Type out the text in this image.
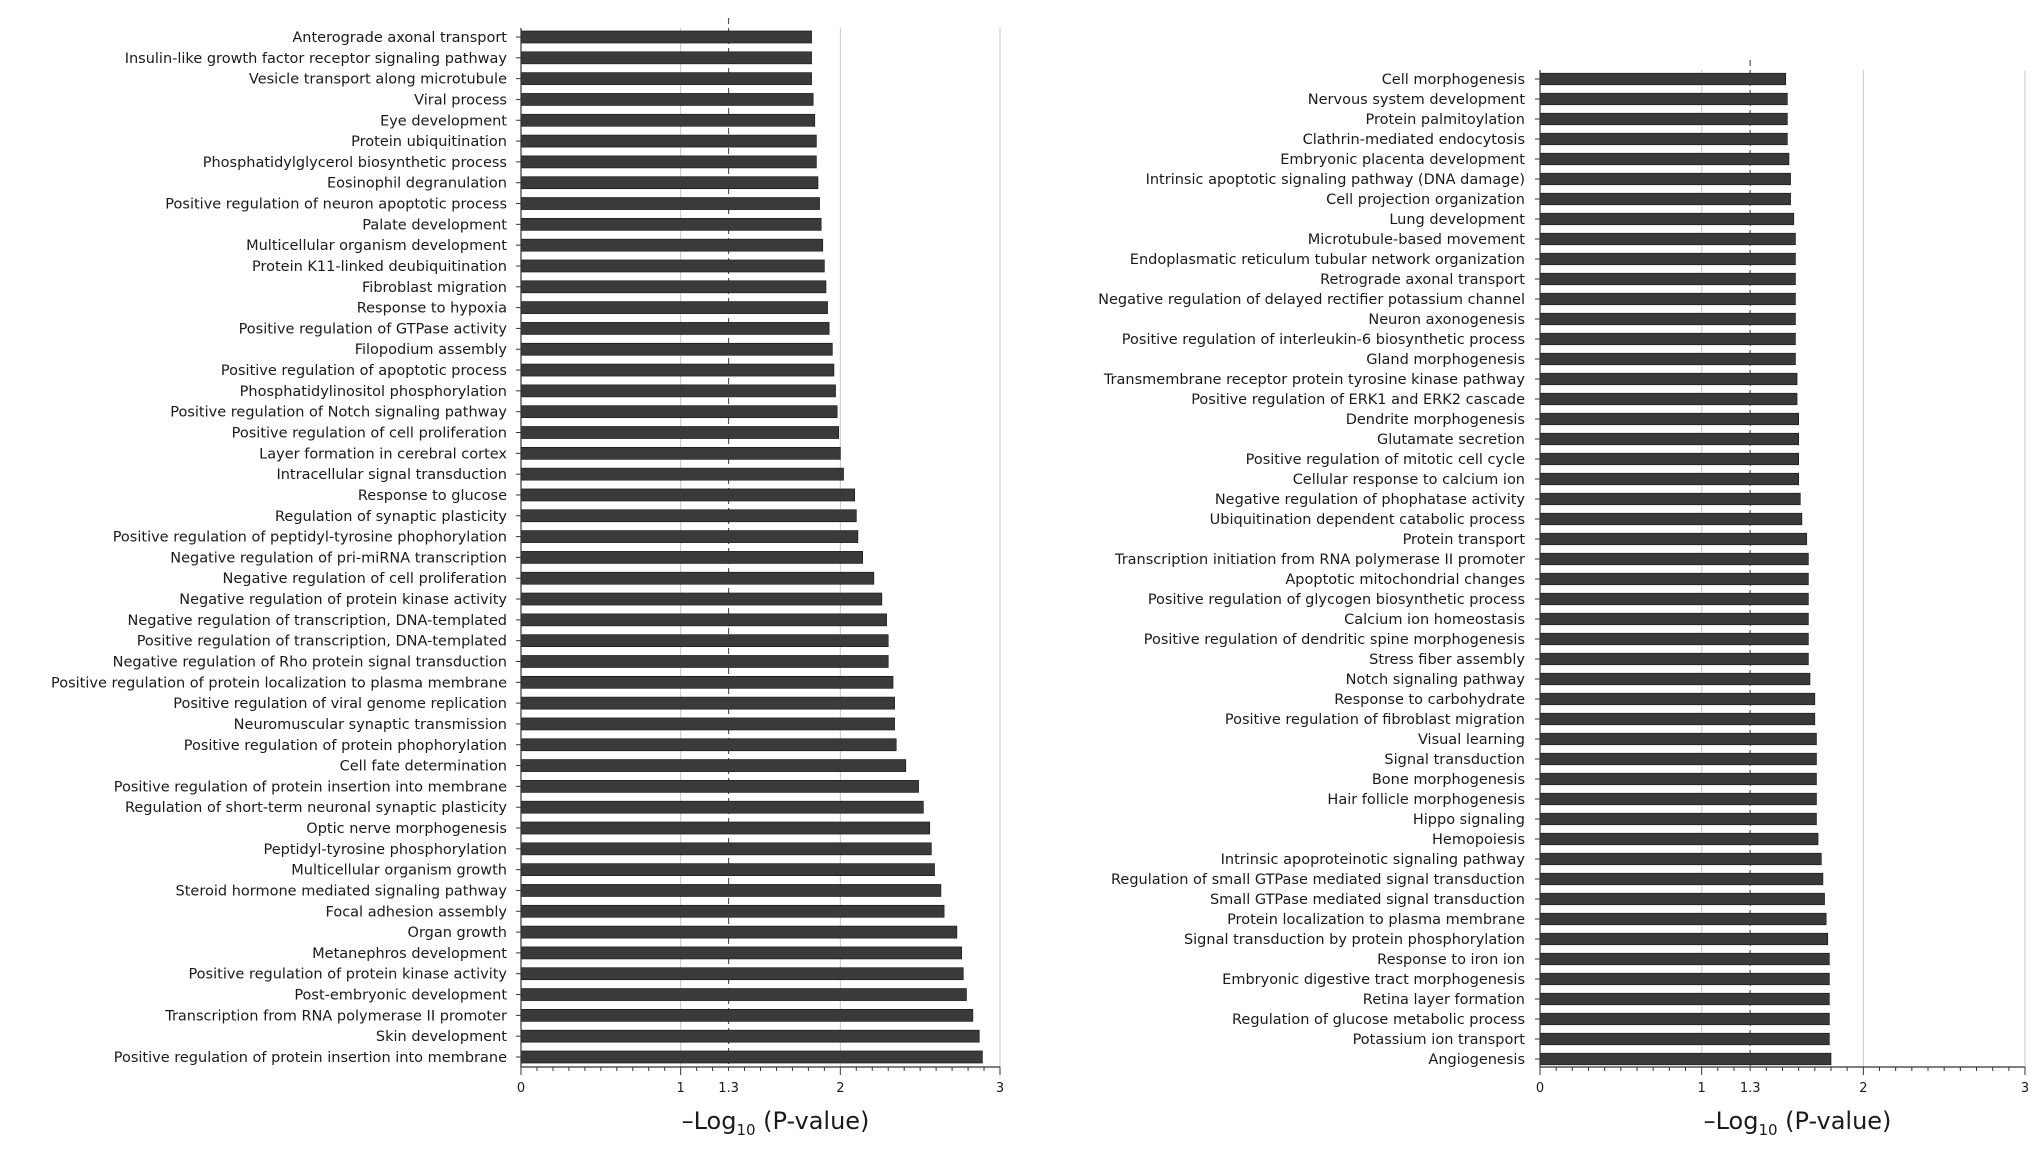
Anterograde axonal transport
Insulin-like growth factor receptor signaling pathway
Vesicle transport along microtubule
Viral process
Eye development
Protein ubiquitination
Phosphatidylglycerol biosynthetic process
Eosinophil degranulation
Positive regulation of neuron apoptotic process
Palate development
Multicellular organism development
Protein K11-linked deubiquitination
Fibroblast migration
Response to hypoxia
Positive regulation of GTPase activity
Filopodium assembly
Positive regulation of apoptotic process
Phosphatidylinositol phosphorylation
Positive regulation of Notch signaling pathway
Positive regulation of cell proliferation
Layer formation in cerebral cortex
Intracellular signal transduction
Response to glucose
Regulation of synaptic plasticity
Positive regulation of peptidyl-tyrosine phophorylation
Negative regulation of pri-miRNA transcription
Negative regulation of cell proliferation
Negative regulation of protein kinase activity
Negative regulation of transcription, DNA-templated
Positive regulation of transcription, DNA-templated
Negative regulation of Rho protein signal transduction
Positive regulation of protein localization to plasma membrane
Positive regulation of viral genome replication
Neuromuscular synaptic transmission
Positive regulation of protein phophorylation
Cell fate determination
Positive regulation of protein insertion into membrane
Regulation of short-term neuronal synaptic plasticity
Optic nerve morphogenesis
Peptidyl-tyrosine phosphorylation
Multicellular organism growth
Steroid hormone mediated signaling pathway
Focal adhesion assembly
Organ growth
Metanephros development
Positive regulation of protein kinase activity
Post-embryonic development
Transcription from RNA polymerase II promoter
Skin development
Positive regulation of protein insertion into membrane
0	1	2	3
1.3
–Log$_{10}$ (P-value)
Cell morphogenesis
Nervous system development
Protein palmitoylation
Clathrin-mediated endocytosis
Embryonic placenta development
Intrinsic apoptotic signaling pathway (DNA damage)
Cell projection organization
Lung development
Microtubule-based movement
Endoplasmatic reticulum tubular network organization
Retrograde axonal transport
Negative regulation of delayed rectifier potassium channel
Neuron axonogenesis
Positive regulation of interleukin-6 biosynthetic process
Gland morphogenesis
Transmembrane receptor protein tyrosine kinase pathway
Positive regulation of ERK1 and ERK2 cascade
Dendrite morphogenesis
Glutamate secretion
Positive regulation of mitotic cell cycle
Cellular response to calcium ion
Negative regulation of phophatase activity
Ubiquitination dependent catabolic process
Protein transport
Transcription initiation from RNA polymerase II promoter
Apoptotic mitochondrial changes
Positive regulation of glycogen biosynthetic process
Calcium ion homeostasis
Positive regulation of dendritic spine morphogenesis
Stress fiber assembly
Notch signaling pathway
Response to carbohydrate
Positive regulation of fibroblast migration
Visual learning
Signal transduction
Bone morphogenesis
Hair follicle morphogenesis
Hippo signaling
Hemopoiesis
Intrinsic apoproteinotic signaling pathway
Regulation of small GTPase mediated signal transduction
Small GTPase mediated signal transduction
Protein localization to plasma membrane
Signal transduction by protein phosphorylation
Response to iron ion
Embryonic digestive tract morphogenesis
Retina layer formation
Regulation of glucose metabolic process
Potassium ion transport
Angiogenesis
0	1	2	3
1.3
–Log$_{10}$ (P-value)
